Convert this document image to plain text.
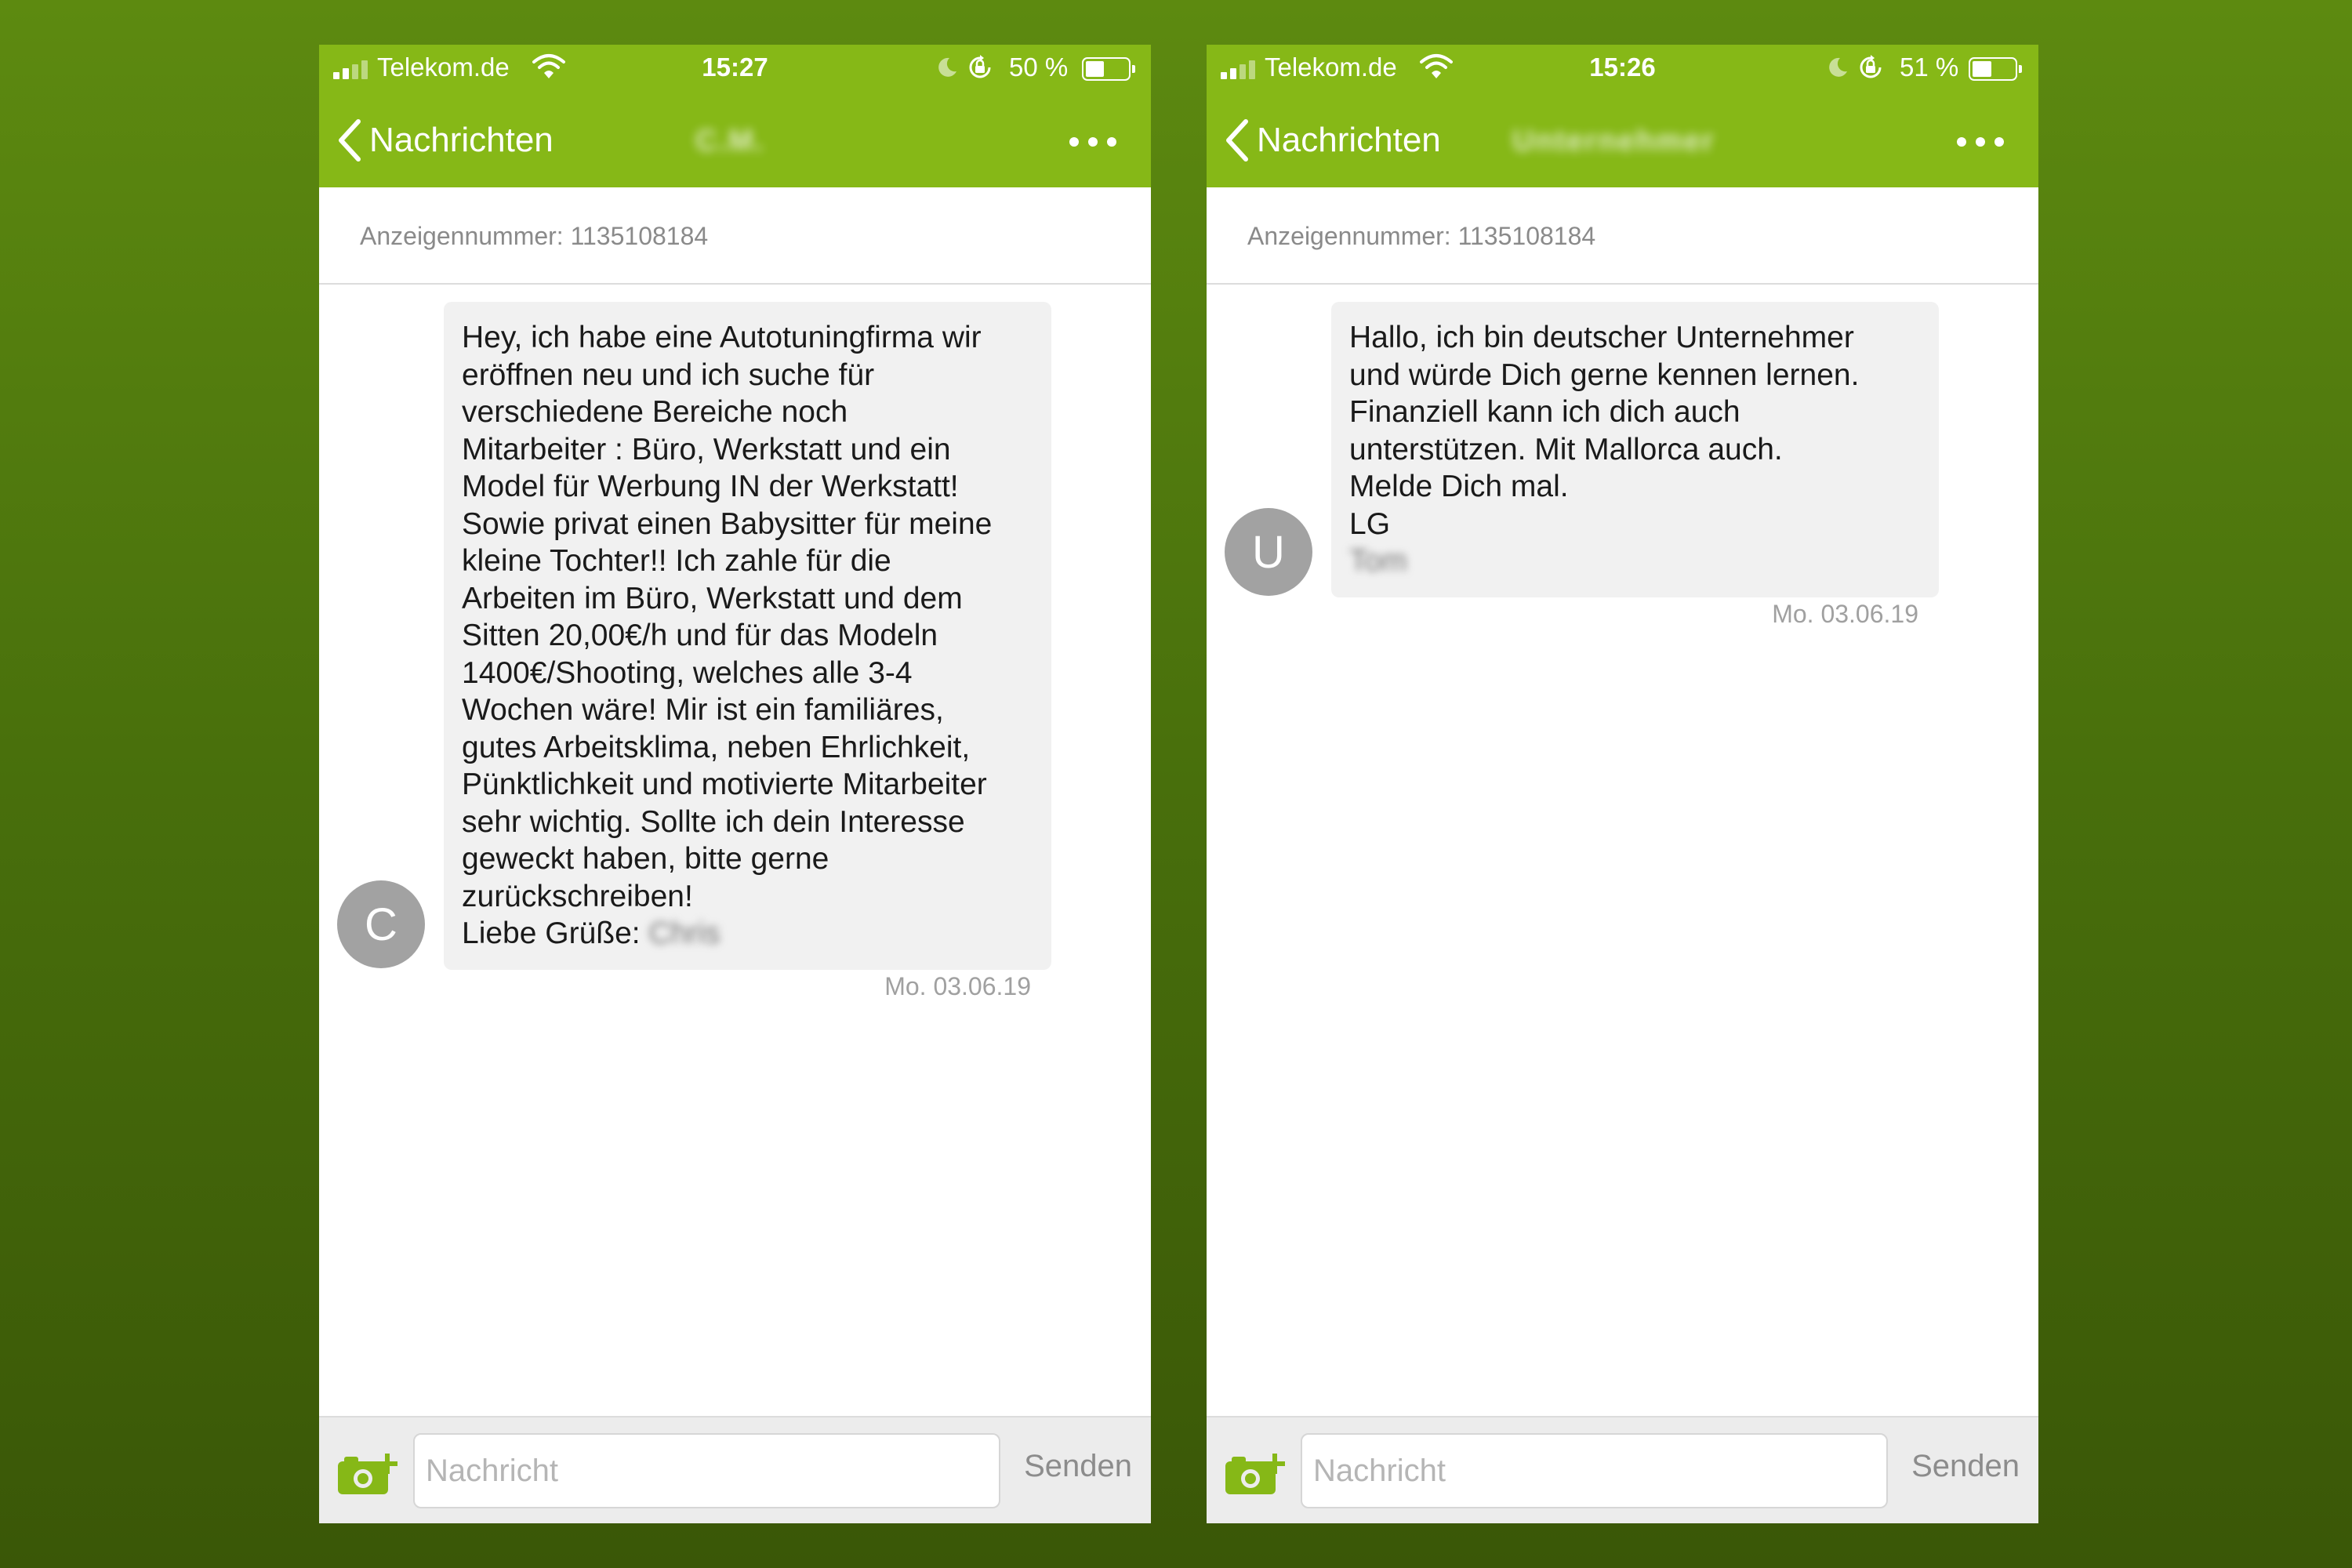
Telekom.de	15:27	50 %
Nachrichten	C.M.
Anzeigennummer: 1135108184
C
Hey, ich habe eine Autotuningfirma wir
eröffnen neu und ich suche für
verschiedene Bereiche noch
Mitarbeiter : Büro, Werkstatt und ein
Model für Werbung IN der Werkstatt!
Sowie privat einen Babysitter für meine
kleine Tochter!! Ich zahle für die
Arbeiten im Büro, Werkstatt und dem
Sitten 20,00€/h und für das Modeln
1400€/Shooting, welches alle 3-4
Wochen wäre! Mir ist ein familiäres,
gutes Arbeitsklima, neben Ehrlichkeit,
Pünktlichkeit und motivierte Mitarbeiter
sehr wichtig. Sollte ich dein Interesse
geweckt haben, bitte gerne
zurückschreiben!
Liebe Grüße: Chris
Mo. 03.06.19
Nachricht
Senden
Telekom.de	15:26	51 %
Nachrichten Unternehmer
Anzeigennummer: 1135108184
U
Hallo, ich bin deutscher Unternehmer
und würde Dich gerne kennen lernen.
Finanziell kann ich dich auch
unterstützen. Mit Mallorca auch.
Melde Dich mal.
LG
Tom
Mo. 03.06.19
Nachricht
Senden
